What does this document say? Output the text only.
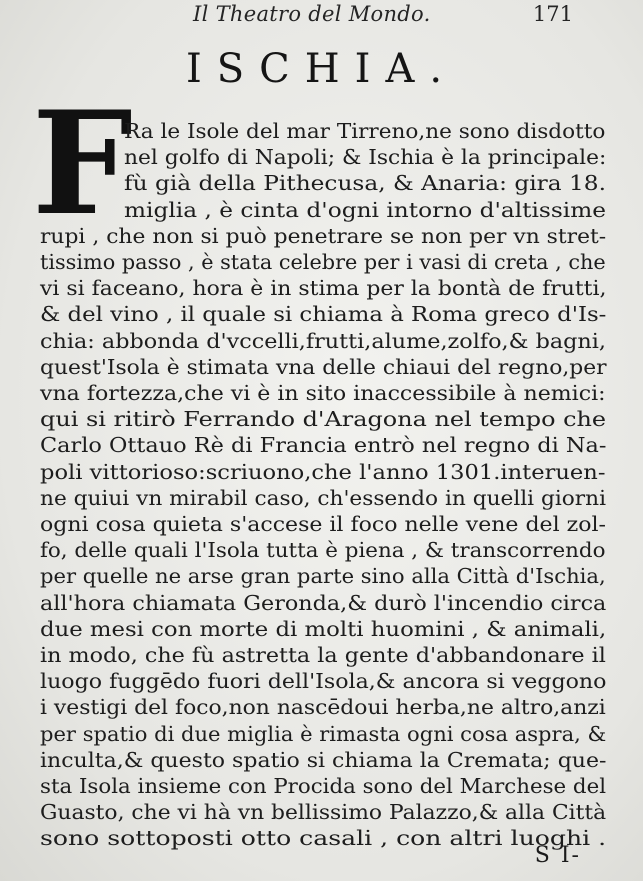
Il Theatro del Mondo.	171
ISCHIA.
F
Ra le Isole del mar Tirreno,ne sono disdotto
nel golfo di Napoli; & Ischia è la principale:
fù già della Pithecusa, & Anaria: gira 18.
miglia , è cinta d'ogni intorno d'altissime
rupi , che non si può penetrare se non per vn stret-
tissimo passo , è stata celebre per i vasi di creta , che
vi si faceano, hora è in stima per la bontà de frutti,
& del vino , il quale si chiama à Roma greco d'Is-
chia: abbonda d'vccelli,frutti,alume,zolfo,& bagni,
quest'Isola è stimata vna delle chiaui del regno,per
vna fortezza,che vi è in sito inaccessibile à nemici:
qui si ritirò Ferrando d'Aragona nel tempo che
Carlo Ottauo Rè di Francia entrò nel regno di Na-
poli vittorioso:scriuono,che l'anno 1301.interuen-
ne quiui vn mirabil caso, ch'essendo in quelli giorni
ogni cosa quieta s'accese il foco nelle vene del zol-
fo, delle quali l'Isola tutta è piena , & transcorrendo
per quelle ne arse gran parte sino alla Città d'Ischia,
all'hora chiamata Geronda,& durò l'incendio circa
due mesi con morte di molti huomini , & animali,
in modo, che fù astretta la gente d'abbandonare il
luogo fuggēdo fuori dell'Isola,& ancora si veggono
i vestigi del foco,non nascēdoui herba,ne altro,anzi
per spatio di due miglia è rimasta ogni cosa aspra, &
inculta,& questo spatio si chiama la Cremata; que-
sta Isola insieme con Procida sono del Marchese del
Guasto, che vi hà vn bellissimo Palazzo,& alla Città
sono sottoposti otto casali , con altri luoghi .
S I-
